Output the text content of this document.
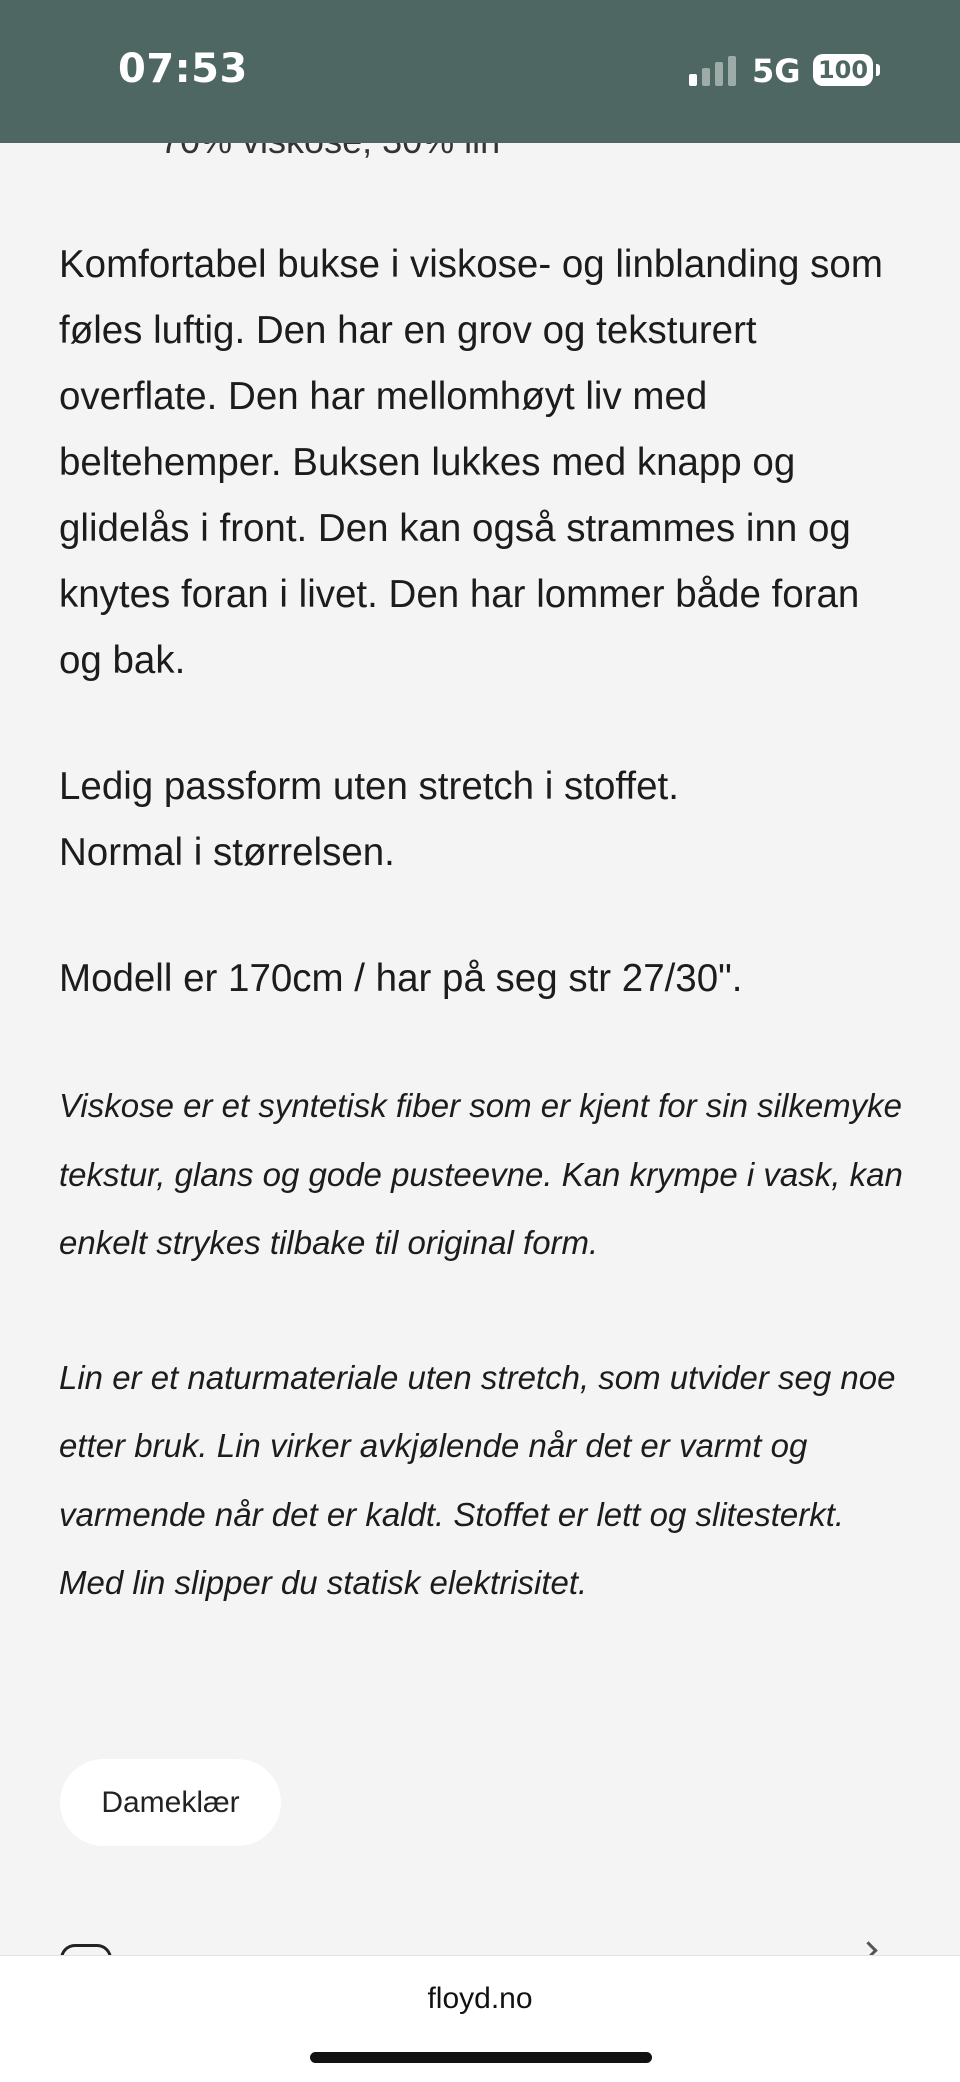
07:53	5G 100

Komfortabel bukse i viskose- og linblanding som føles luftig. Den har en grov og teksturert overflate. Den har mellomhøyt liv med beltehemper. Buksen lukkes med knapp og glidelås i front. Den kan også strammes inn og knytes foran i livet. Den har lommer både foran og bak.

Ledig passform uten stretch i stoffet.

Normal i størrelsen.

Modell er 170cm / har på seg str 27/30".

Viskose er et syntetisk fiber som er kjent for sin silkemyke tekstur, glans og gode pusteevne. Kan krympe i vask, kan enkelt strykes tilbake til original form.

Lin er et naturmateriale uten stretch, som utvider seg noe etter bruk. Lin virker avkjølende når det er varmt og varmende når det er kaldt. Stoffet er lett og slitesterkt. Med lin slipper du statisk elektrisitet.

Dameklær
floyd.no
